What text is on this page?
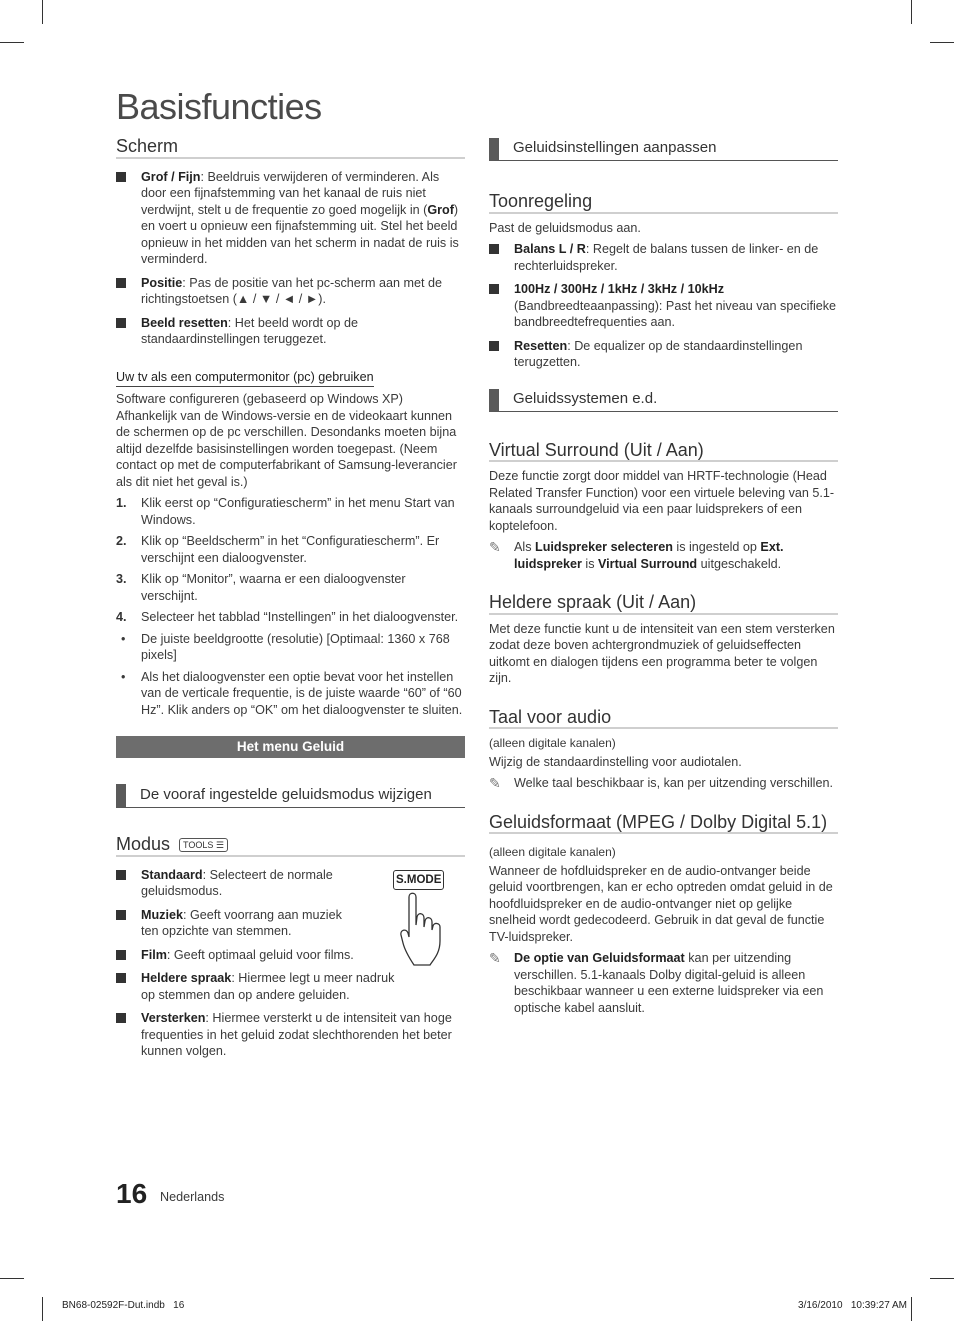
Basisfuncties
Scherm
Grof / Fijn: Beeldruis verwijderen of verminderen. Als door een fijnafstemming van het kanaal de ruis niet verdwijnt, stelt u de frequentie zo goed mogelijk in (Grof) en voert u opnieuw een fijnafstemming uit. Stel het beeld opnieuw in het midden van het scherm in nadat de ruis is verminderd.
Positie: Pas de positie van het pc-scherm aan met de richtingstoetsen (▲ / ▼ / ◄ / ►).
Beeld resetten: Het beeld wordt op de standaardinstellingen teruggezet.
Uw tv als een computermonitor (pc) gebruiken
Software configureren (gebaseerd op Windows XP) Afhankelijk van de Windows-versie en de videokaart kunnen de schermen op de pc verschillen. Desondanks moeten bijna altijd dezelfde basisinstellingen worden toegepast. (Neem contact op met de computerfabrikant of Samsung-leverancier als dit niet het geval is.)
1. Klik eerst op “Configuratiescherm” in het menu Start van Windows.
2. Klik op “Beeldscherm” in het “Configuratiescherm”. Er verschijnt een dialoogvenster.
3. Klik op “Monitor”, waarna er een dialoogvenster verschijnt.
4. Selecteer het tabblad “Instellingen” in het dialoogvenster.
• De juiste beeldgrootte (resolutie) [Optimaal: 1360 x 768 pixels]
• Als het dialoogvenster een optie bevat voor het instellen van de verticale frequentie, is de juiste waarde “60” of “60 Hz”. Klik anders op “OK” om het dialoogvenster te sluiten.
Het menu Geluid
De vooraf ingestelde geluidsmodus wijzigen
Modus TOOLS ☰
S.MODE
Standaard: Selecteert de normale geluidsmodus.
Muziek: Geeft voorrang aan muziek ten opzichte van stemmen.
Film: Geeft optimaal geluid voor films.
Heldere spraak: Hiermee legt u meer nadruk op stemmen dan op andere geluiden.
Versterken: Hiermee versterkt u de intensiteit van hoge frequenties in het geluid zodat slechthorenden het beter kunnen volgen.
Geluidsinstellingen aanpassen
Toonregeling
Past de geluidsmodus aan.
Balans L / R: Regelt de balans tussen de linker- en de rechterluidspreker.
100Hz / 300Hz / 1kHz / 3kHz / 10kHz (Bandbreedteaanpassing): Past het niveau van specifieke bandbreedtefrequenties aan.
Resetten: De equalizer op de standaardinstellingen terugzetten.
Geluidssystemen e.d.
Virtual Surround (Uit / Aan)
Deze functie zorgt door middel van HRTF-technologie (Head Related Transfer Function) voor een virtuele beleving van 5.1-kanaals surroundgeluid via een paar luidsprekers of een koptelefoon.
✎ Als Luidspreker selecteren is ingesteld op Ext. luidspreker is Virtual Surround uitgeschakeld.
Heldere spraak (Uit / Aan)
Met deze functie kunt u de intensiteit van een stem versterken zodat deze boven achtergrondmuziek of geluidseffecten uitkomt en dialogen tijdens een programma beter te volgen zijn.
Taal voor audio
(alleen digitale kanalen)
Wijzig de standaardinstelling voor audiotalen.
✎ Welke taal beschikbaar is, kan per uitzending verschillen.
Geluidsformaat (MPEG / Dolby Digital 5.1)
(alleen digitale kanalen)
Wanneer de hofdluidspreker en de audio-ontvanger beide geluid voortbrengen, kan er echo optreden omdat geluid in de hoofdluidspreker en de audio-ontvanger niet op gelijke snelheid wordt gedecodeerd. Gebruik in dat geval de functie TV-luidspreker.
✎ De optie van Geluidsformaat kan per uitzending verschillen. 5.1-kanaals Dolby digital-geluid is alleen beschikbaar wanneer u een externe luidspreker via een optische kabel aansluit.
16 Nederlands
BN68-02592F-Dut.indb   16	3/16/2010   10:39:27 AM
